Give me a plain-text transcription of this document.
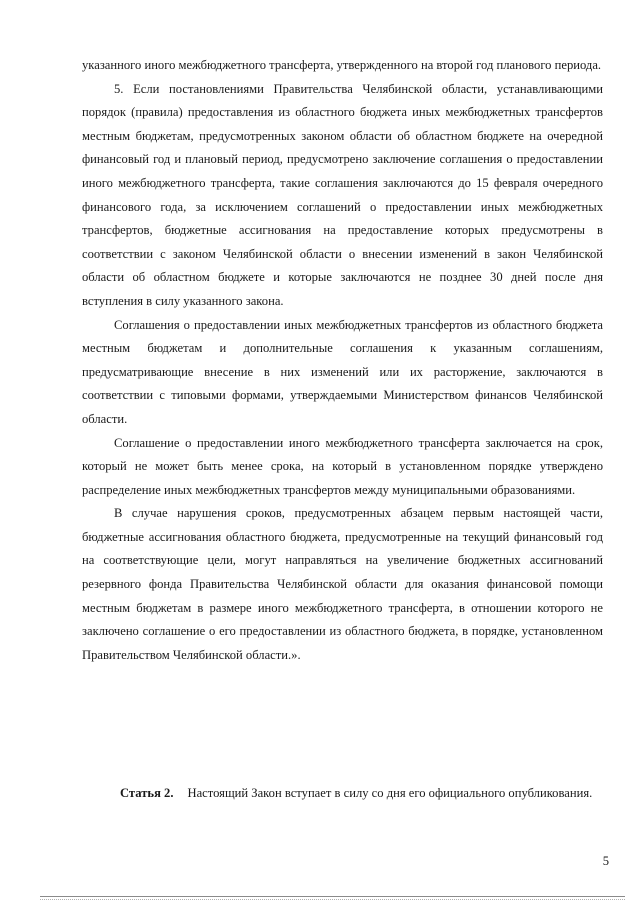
указанного иного межбюджетного трансферта, утвержденного на второй год планового периода.

5. Если постановлениями Правительства Челябинской области, устанавливающими порядок (правила) предоставления из областного бюджета иных межбюджетных трансфертов местным бюджетам, предусмотренных законом области об областном бюджете на очередной финансовый год и плановый период, предусмотрено заключение соглашения о предоставлении иного межбюджетного трансферта, такие соглашения заключаются до 15 февраля очередного финансового года, за исключением соглашений о предоставлении иных межбюджетных трансфертов, бюджетные ассигнования на предоставление которых предусмотрены в соответствии с законом Челябинской области о внесении изменений в закон Челябинской области об областном бюджете и которые заключаются не позднее 30 дней после дня вступления в силу указанного закона.

Соглашения о предоставлении иных межбюджетных трансфертов из областного бюджета местным бюджетам и дополнительные соглашения к указанным соглашениям, предусматривающие внесение в них изменений или их расторжение, заключаются в соответствии с типовыми формами, утверждаемыми Министерством финансов Челябинской области.

Соглашение о предоставлении иного межбюджетного трансферта заключается на срок, который не может быть менее срока, на который в установленном порядке утверждено распределение иных межбюджетных трансфертов между муниципальными образованиями.

В случае нарушения сроков, предусмотренных абзацем первым настоящей части, бюджетные ассигнования областного бюджета, предусмотренные на текущий финансовый год на соответствующие цели, могут направляться на увеличение бюджетных ассигнований резервного фонда Правительства Челябинской области для оказания финансовой помощи местным бюджетам в размере иного межбюджетного трансферта, в отношении которого не заключено соглашение о его предоставлении из областного бюджета, в порядке, установленном Правительством Челябинской области.».

Статья 2. Настоящий Закон вступает в силу со дня его официального опубликования.

5
